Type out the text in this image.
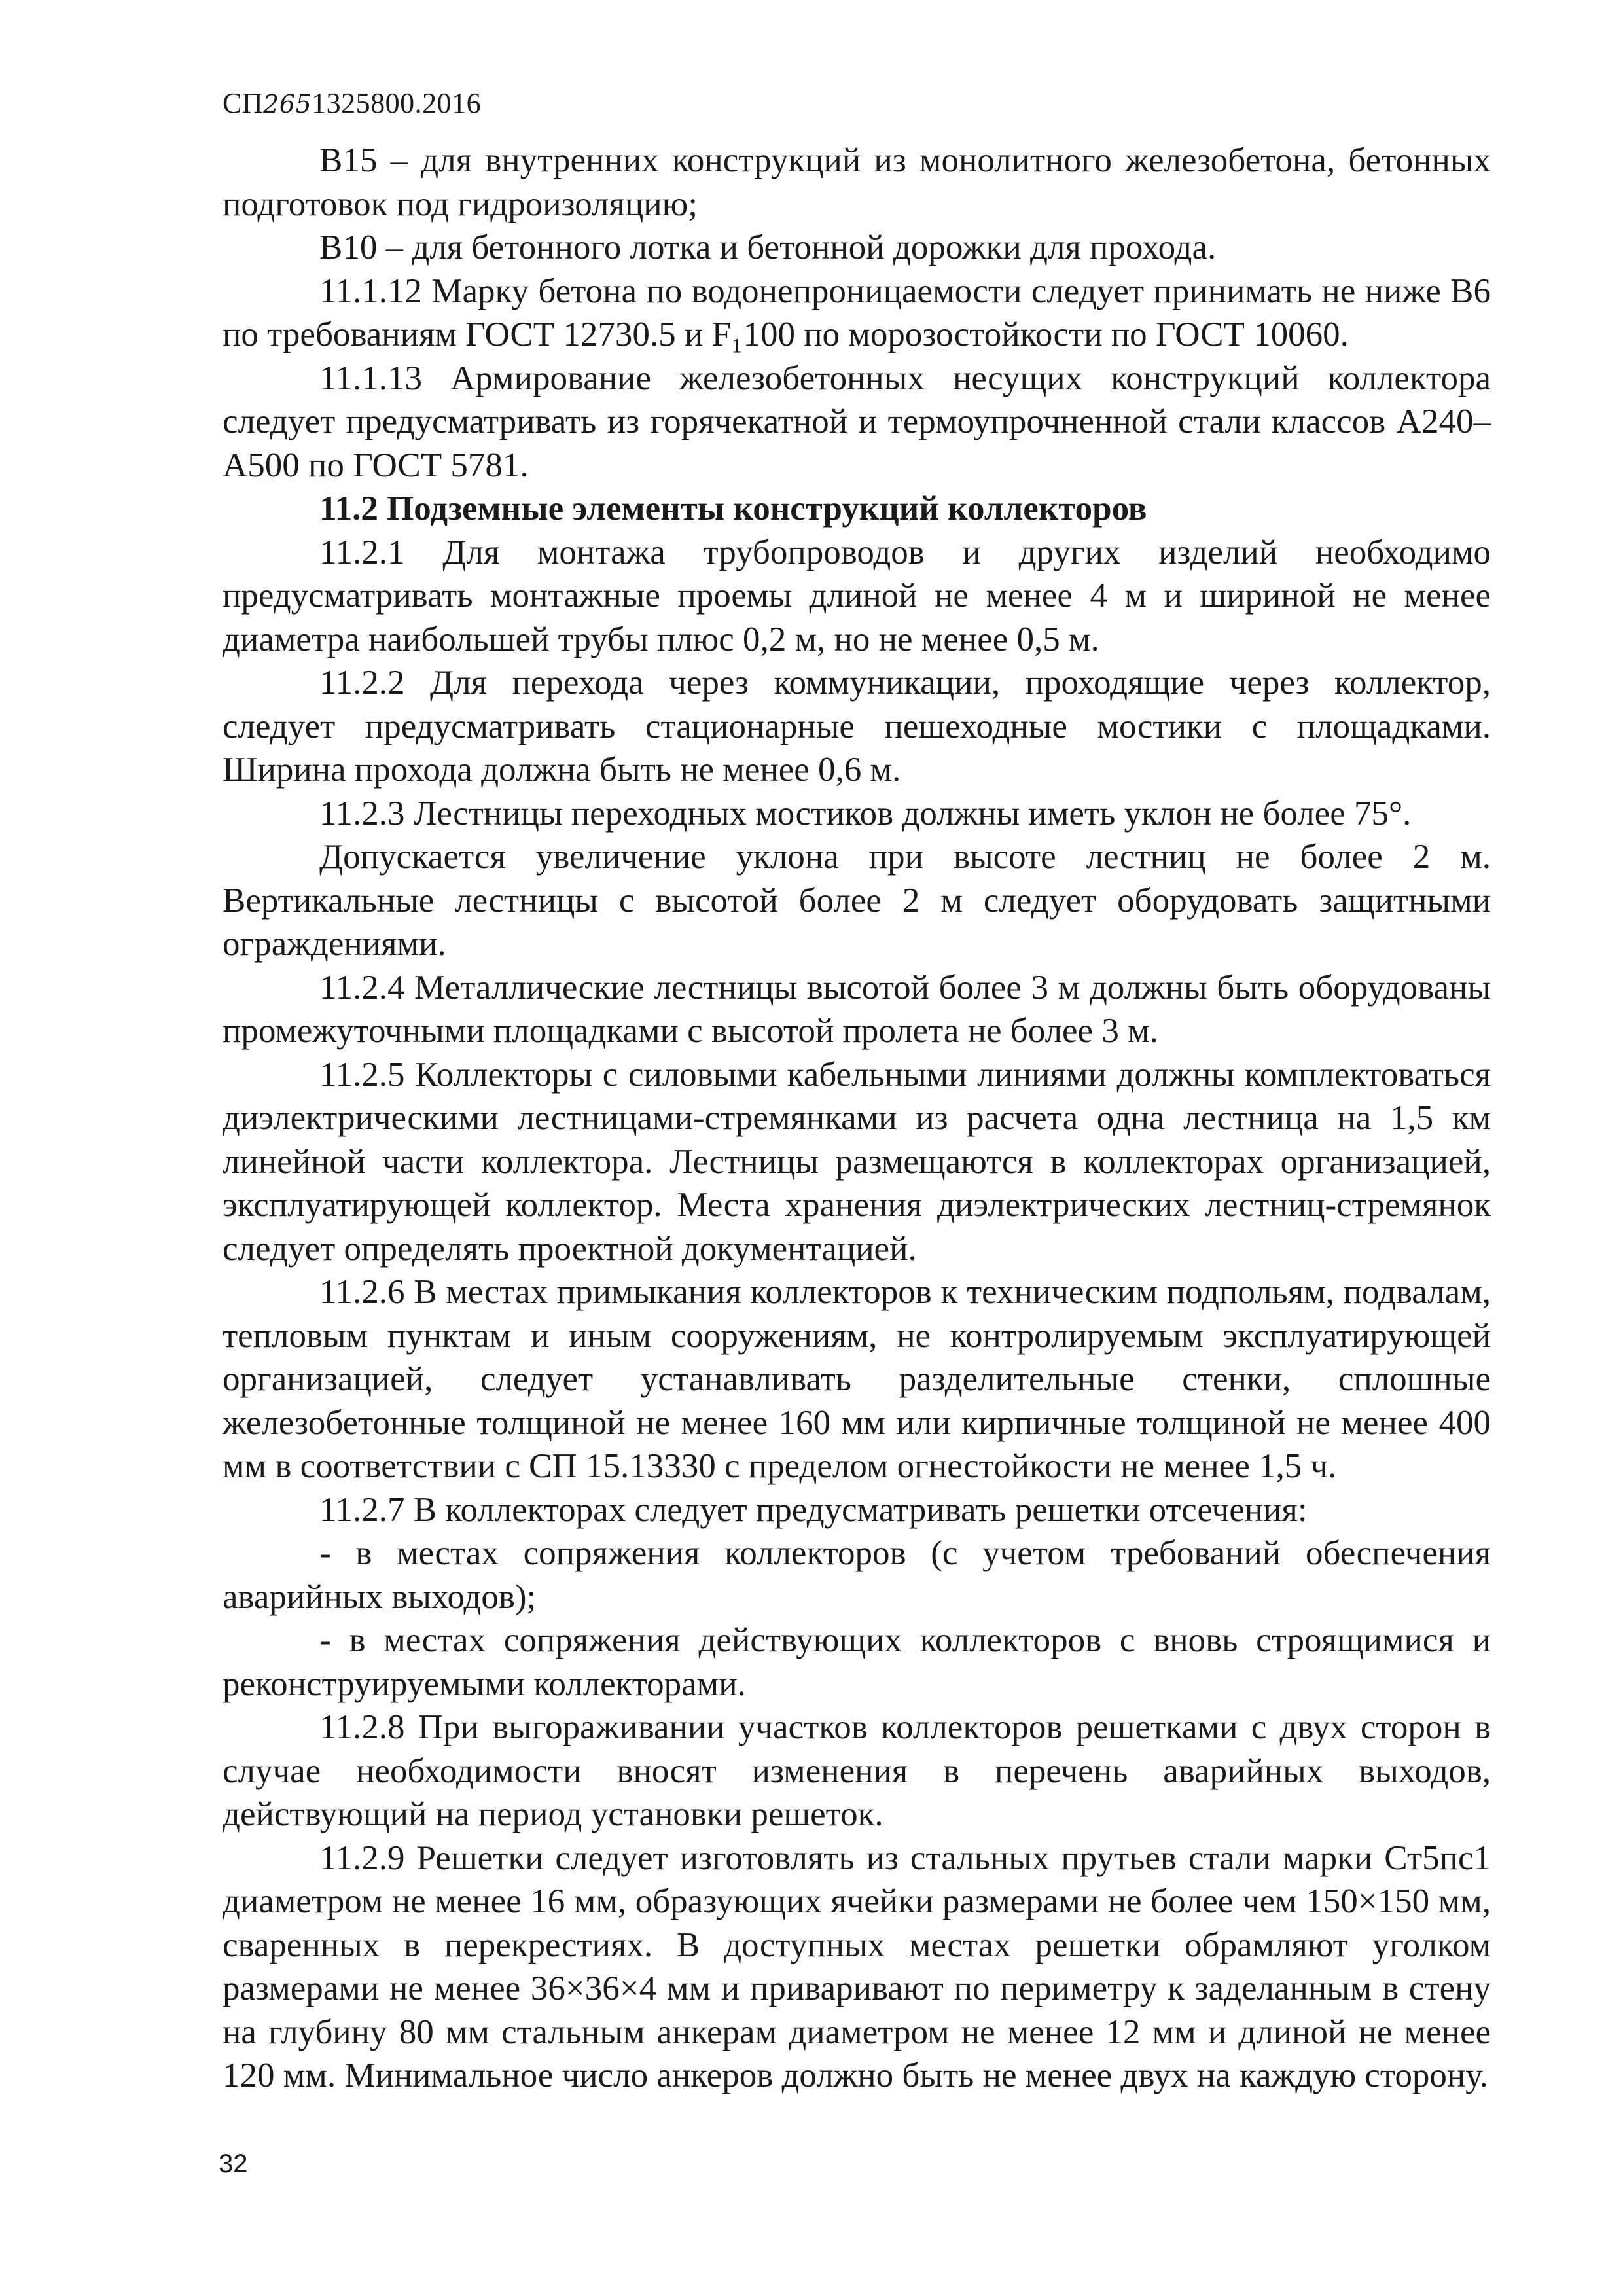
СП2651325800.2016

В15 – для внутренних конструкций из монолитного железобетона, бетонных подготовок под гидроизоляцию;

В10 – для бетонного лотка и бетонной дорожки для прохода.

11.1.12 Марку бетона по водонепроницаемости следует принимать не ниже В6 по требованиям ГОСТ 12730.5 и F₁100 по морозостойкости по ГОСТ 10060.

11.1.13 Армирование железобетонных несущих конструкций коллектора следует предусматривать из горячекатной и термоупрочненной стали классов А240–А500 по ГОСТ 5781.

11.2 Подземные элементы конструкций коллекторов

11.2.1 Для монтажа трубопроводов и других изделий необходимо предусматривать монтажные проемы длиной не менее 4 м и шириной не менее диаметра наибольшей трубы плюс 0,2 м, но не менее 0,5 м.

11.2.2 Для перехода через коммуникации, проходящие через коллектор, следует предусматривать стационарные пешеходные мостики с площадками. Ширина прохода должна быть не менее 0,6 м.

11.2.3 Лестницы переходных мостиков должны иметь уклон не более 75°.

Допускается увеличение уклона при высоте лестниц не более 2 м. Вертикальные лестницы с высотой более 2 м следует оборудовать защитными ограждениями.

11.2.4 Металлические лестницы высотой более 3 м должны быть оборудованы промежуточными площадками с высотой пролета не более 3 м.

11.2.5 Коллекторы с силовыми кабельными линиями должны комплектоваться диэлектрическими лестницами-стремянками из расчета одна лестница на 1,5 км линейной части коллектора. Лестницы размещаются в коллекторах организацией, эксплуатирующей коллектор. Места хранения диэлектрических лестниц-стремянок следует определять проектной документацией.

11.2.6 В местах примыкания коллекторов к техническим подпольям, подвалам, тепловым пунктам и иным сооружениям, не контролируемым эксплуатирующей организацией, следует устанавливать разделительные стенки, сплошные железобетонные толщиной не менее 160 мм или кирпичные толщиной не менее 400 мм в соответствии с СП 15.13330 с пределом огнестойкости не менее 1,5 ч.

11.2.7 В коллекторах следует предусматривать решетки отсечения:

- в местах сопряжения коллекторов (с учетом требований обеспечения аварийных выходов);

- в местах сопряжения действующих коллекторов с вновь строящимися и реконструируемыми коллекторами.

11.2.8 При выгораживании участков коллекторов решетками с двух сторон в случае необходимости вносят изменения в перечень аварийных выходов, действующий на период установки решеток.

11.2.9 Решетки следует изготовлять из стальных прутьев стали марки Ст5пс1 диаметром не менее 16 мм, образующих ячейки размерами не более чем 150×150 мм, сваренных в перекрестиях. В доступных местах решетки обрамляют уголком размерами не менее 36×36×4 мм и приваривают по периметру к заделанным в стену на глубину 80 мм стальным анкерам диаметром не менее 12 мм и длиной не менее 120 мм. Минимальное число анкеров должно быть не менее двух на каждую сторону.

32
